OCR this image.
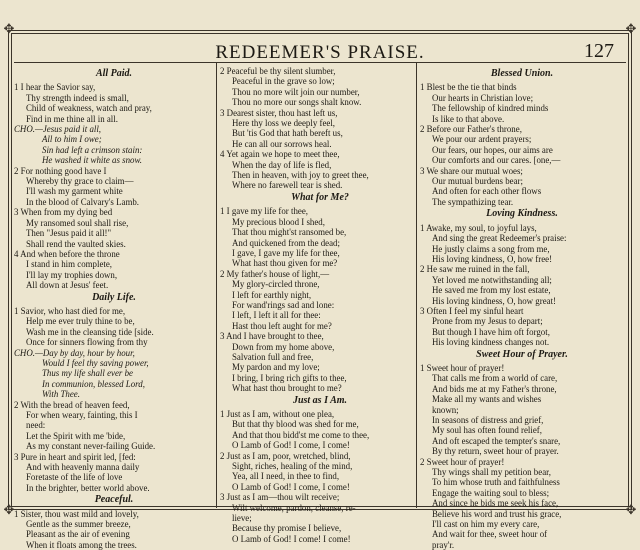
✥	✥
✥	✥
REDEEMER'S PRAISE.	127
All Paid.
1 I hear the Savior say,
Thy strength indeed is small,
Child of weakness, watch and pray,
Find in me thine all in all.
CHO.—Jesus paid it all,
All to him I owe;
Sin had left a crimson stain:
He washed it white as snow.
2 For nothing good have I
Whereby thy grace to claim—
I'll wash my garment white
In the blood of Calvary's Lamb.
3 When from my dying bed
My ransomed soul shall rise,
Then "Jesus paid it all!"
Shall rend the vaulted skies.
4 And when before the throne
I stand in him complete,
I'll lay my trophies down,
All down at Jesus' feet.
Daily Life.
1 Savior, who hast died for me,
Help me ever truly thine to be,
Wash me in the cleansing tide [side.
Once for sinners flowing from thy
CHO.—Day by day, hour by hour,
Would I feel thy saving power,
Thus my life shall ever be
In communion, blessed Lord,
With Thee.
2 With the bread of heaven feed,
For when weary, fainting, this I
need:
Let the Spirit with me 'bide,
As my constant never-failing Guide.
3 Pure in heart and spirit led, [fed:
And with heavenly manna daily
Foretaste of the life of love
In the brighter, better world above.
Peaceful.
1 Sister, thou wast mild and lovely,
Gentle as the summer breeze,
Pleasant as the air of evening
When it floats among the trees.
2 Peaceful be thy silent slumber,
Peaceful in the grave so low;
Thou no more wilt join our number,
Thou no more our songs shalt know.
3 Dearest sister, thou hast left us,
Here thy loss we deeply feel,
But 'tis God that hath bereft us,
He can all our sorrows heal.
4 Yet again we hope to meet thee,
When the day of life is fled,
Then in heaven, with joy to greet thee,
Where no farewell tear is shed.
What for Me?
1 I gave my life for thee,
My precious blood I shed,
That thou might'st ransomed be,
And quickened from the dead;
I gave, I gave my life for thee,
What hast thou given for me?
2 My father's house of light,—
My glory-circled throne,
I left for earthly night,
For wand'rings sad and lone:
I left, I left it all for thee:
Hast thou left aught for me?
3 And I have brought to thee,
Down from my home above,
Salvation full and free,
My pardon and my love;
I bring, I bring rich gifts to thee,
What hast thou brought to me?
Just as I Am.
1 Just as I am, without one plea,
But that thy blood was shed for me,
And that thou bidd'st me come to thee,
O Lamb of God! I come, I come!
2 Just as I am, poor, wretched, blind,
Sight, riches, healing of the mind,
Yea, all I need, in thee to find,
O Lamb of God! I come, I come!
3 Just as I am—thou wilt receive;
Wilt welcome, pardon, cleanse, re-
lieve;
Because thy promise I believe,
O Lamb of God! I come! I come!
Blessed Union.
1 Blest be the tie that binds
Our hearts in Christian love;
The fellowship of kindred minds
Is like to that above.
2 Before our Father's throne,
We pour our ardent prayers;
Our fears, our hopes, our aims are
Our comforts and our cares. [one,—
3 We share our mutual woes;
Our mutual burdens bear;
And often for each other flows
The sympathizing tear.
Loving Kindness.
1 Awake, my soul, to joyful lays,
And sing the great Redeemer's praise:
He justly claims a song from me,
His loving kindness, O, how free!
2 He saw me ruined in the fall,
Yet loved me notwithstanding all;
He saved me from my lost estate,
His loving kindness, O, how great!
3 Often I feel my sinful heart
Prone from my Jesus to depart;
But though I have him oft forgot,
His loving kindness changes not.
Sweet Hour of Prayer.
1 Sweet hour of prayer!
That calls me from a world of care,
And bids me at my Father's throne,
Make all my wants and wishes
known;
In seasons of distress and grief,
My soul has often found relief,
And oft escaped the tempter's snare,
By thy return, sweet hour of prayer.
2 Sweet hour of prayer!
Thy wings shall my petition bear,
To him whose truth and faithfulness
Engage the waiting soul to bless;
And since he bids me seek his face,
Believe his word and trust his grace,
I'll cast on him my every care,
And wait for thee, sweet hour of
pray'r.
